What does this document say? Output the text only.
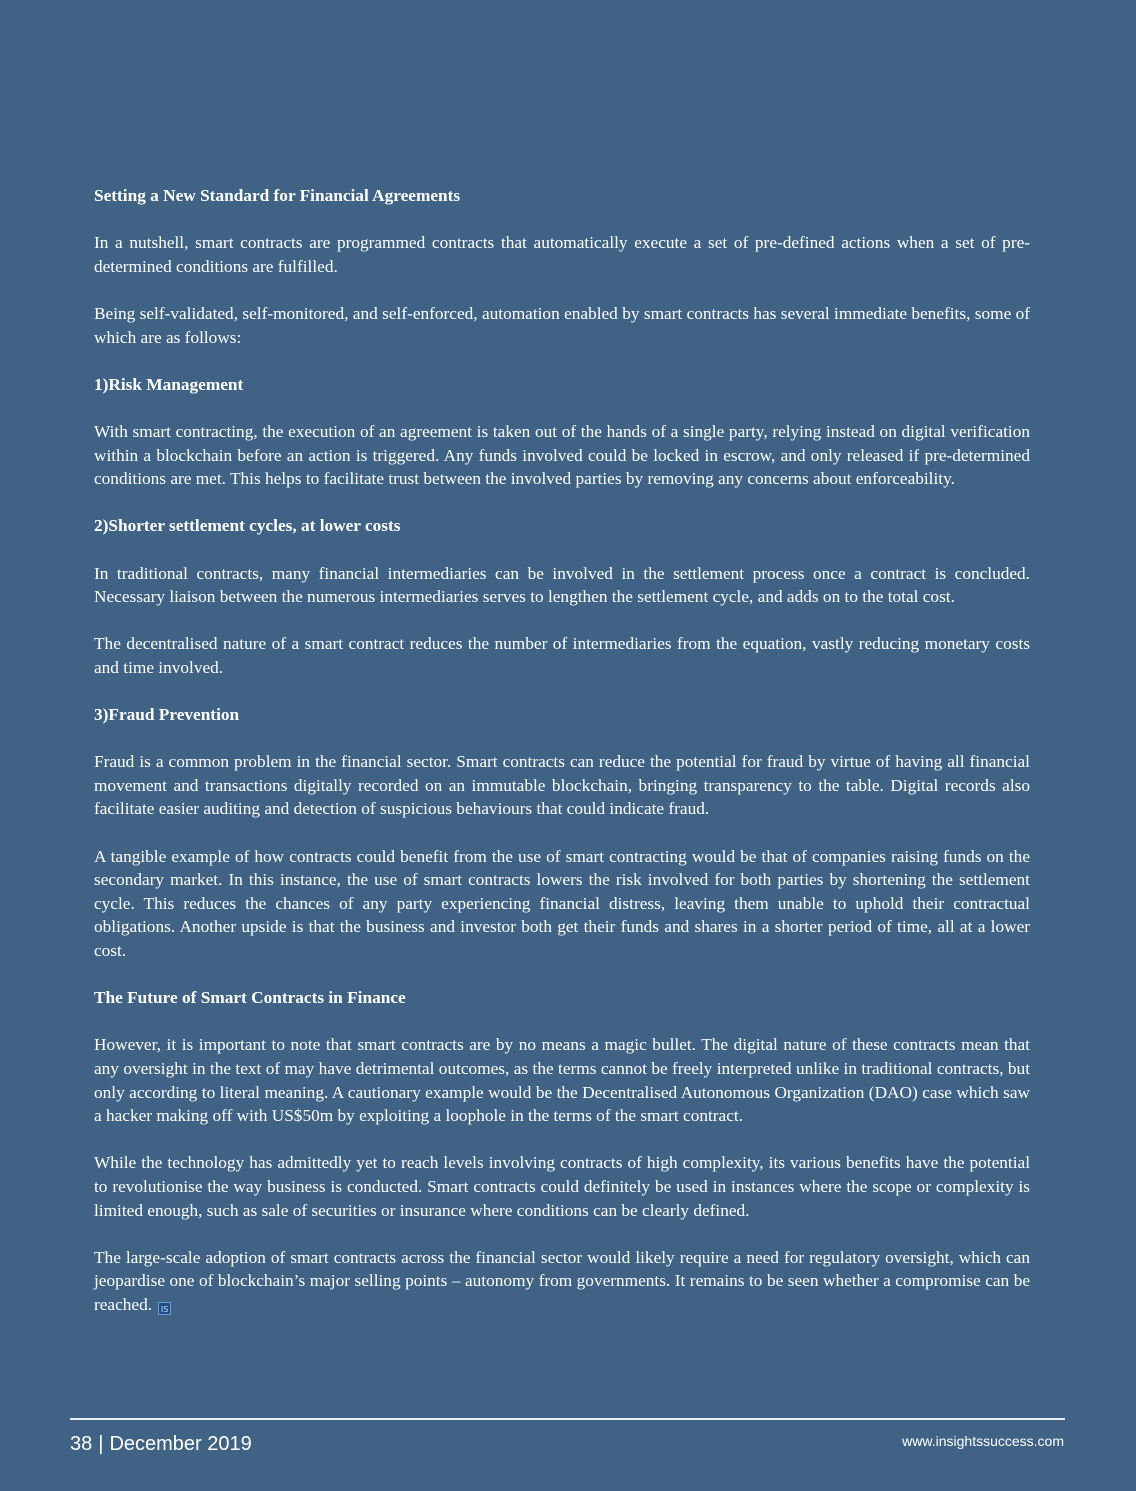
Setting a New Standard for Financial Agreements

In a nutshell, smart contracts are programmed contracts that automatically execute a set of pre-defined actions when a set of pre-determined conditions are fulfilled.

Being self-validated, self-monitored, and self-enforced, automation enabled by smart contracts has several immediate benefits, some of which are as follows:

1)Risk Management

With smart contracting, the execution of an agreement is taken out of the hands of a single party, relying instead on digital verification within a blockchain before an action is triggered. Any funds involved could be locked in escrow, and only released if pre-determined conditions are met. This helps to facilitate trust between the involved parties by removing any concerns about enforceability.

2)Shorter settlement cycles, at lower costs

In traditional contracts, many financial intermediaries can be involved in the settlement process once a contract is concluded. Necessary liaison between the numerous intermediaries serves to lengthen the settlement cycle, and adds on to the total cost.

The decentralised nature of a smart contract reduces the number of intermediaries from the equation, vastly reducing monetary costs and time involved.

3)Fraud Prevention

Fraud is a common problem in the financial sector. Smart contracts can reduce the potential for fraud by virtue of having all financial movement and transactions digitally recorded on an immutable blockchain, bringing transparency to the table. Digital records also facilitate easier auditing and detection of suspicious behaviours that could indicate fraud.

A tangible example of how contracts could benefit from the use of smart contracting would be that of companies raising funds on the secondary market. In this instance, the use of smart contracts lowers the risk involved for both parties by shortening the settlement cycle. This reduces the chances of any party experiencing financial distress, leaving them unable to uphold their contractual obligations. Another upside is that the business and investor both get their funds and shares in a shorter period of time, all at a lower cost.

The Future of Smart Contracts in Finance

However, it is important to note that smart contracts are by no means a magic bullet. The digital nature of these contracts mean that any oversight in the text of may have detrimental outcomes, as the terms cannot be freely interpreted unlike in traditional contracts, but only according to literal meaning. A cautionary example would be the Decentralised Autonomous Organization (DAO) case which saw a hacker making off with US$50m by exploiting a loophole in the terms of the smart contract.

While the technology has admittedly yet to reach levels involving contracts of high complexity, its various benefits have the potential to revolutionise the way business is conducted. Smart contracts could definitely be used in instances where the scope or complexity is limited enough, such as sale of securities or insurance where conditions can be clearly defined.

The large-scale adoption of smart contracts across the financial sector would likely require a need for regulatory oversight, which can jeopardise one of blockchain’s major selling points – autonomy from governments. It remains to be seen whether a compromise can be reached. IS

38 | December 2019	www.insightssuccess.com
